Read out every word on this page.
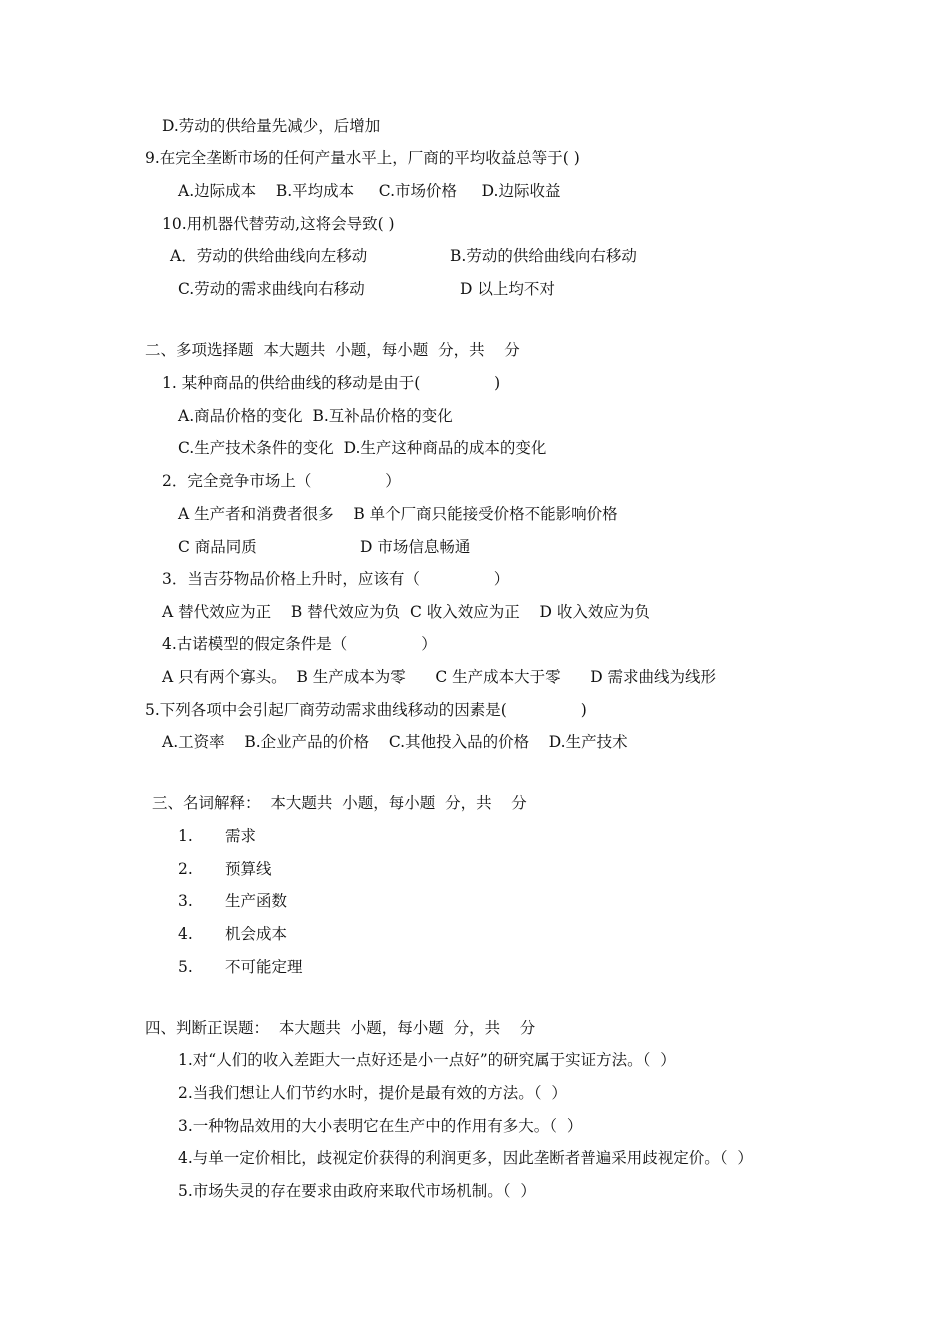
D.劳动的供给量先减少，后增加
9.在完全垄断市场的任何产量水平上，厂商的平均收益总等于( )
A.边际成本    B.平均成本     C.市场价格     D.边际收益
10.用机器代替劳动,这将会导致( )
A．劳动的供给曲线向左移动	B.劳动的供给曲线向右移动
C.劳动的需求曲线向右移动	D 以上均不对
二、多项选择题  本大题共  小题，每小题  分，共    分
1. 某种商品的供给曲线的移动是由于(               )
A.商品价格的变化  B.互补品价格的变化
C.生产技术条件的变化  D.生产这种商品的成本的变化
2．完全竞争市场上（               ）
A 生产者和消费者很多    B 单个厂商只能接受价格不能影响价格
C 商品同质	D 市场信息畅通
3．当吉芬物品价格上升时，应该有（               ）
A 替代效应为正    B 替代效应为负  C 收入效应为正    D 收入效应为负
4.古诺模型的假定条件是（               ）
A 只有两个寡头。  B 生产成本为零      C 生产成本大于零      D 需求曲线为线形
5.下列各项中会引起厂商劳动需求曲线移动的因素是(               )
A.工资率    B.企业产品的价格    C.其他投入品的价格    D.生产技术
三、名词解释：  本大题共  小题，每小题  分，共    分
1. 需求
2. 预算线
3. 生产函数
4. 机会成本
5. 不可能定理
四、判断正误题：  本大题共  小题，每小题  分，共    分
1.对“人们的收入差距大一点好还是小一点好”的研究属于实证方法。（  ）
2.当我们想让人们节约水时，提价是最有效的方法。（  ）
3.一种物品效用的大小表明它在生产中的作用有多大。（  ）
4.与单一定价相比，歧视定价获得的利润更多，因此垄断者普遍采用歧视定价。（  ）
5.市场失灵的存在要求由政府来取代市场机制。（  ）
